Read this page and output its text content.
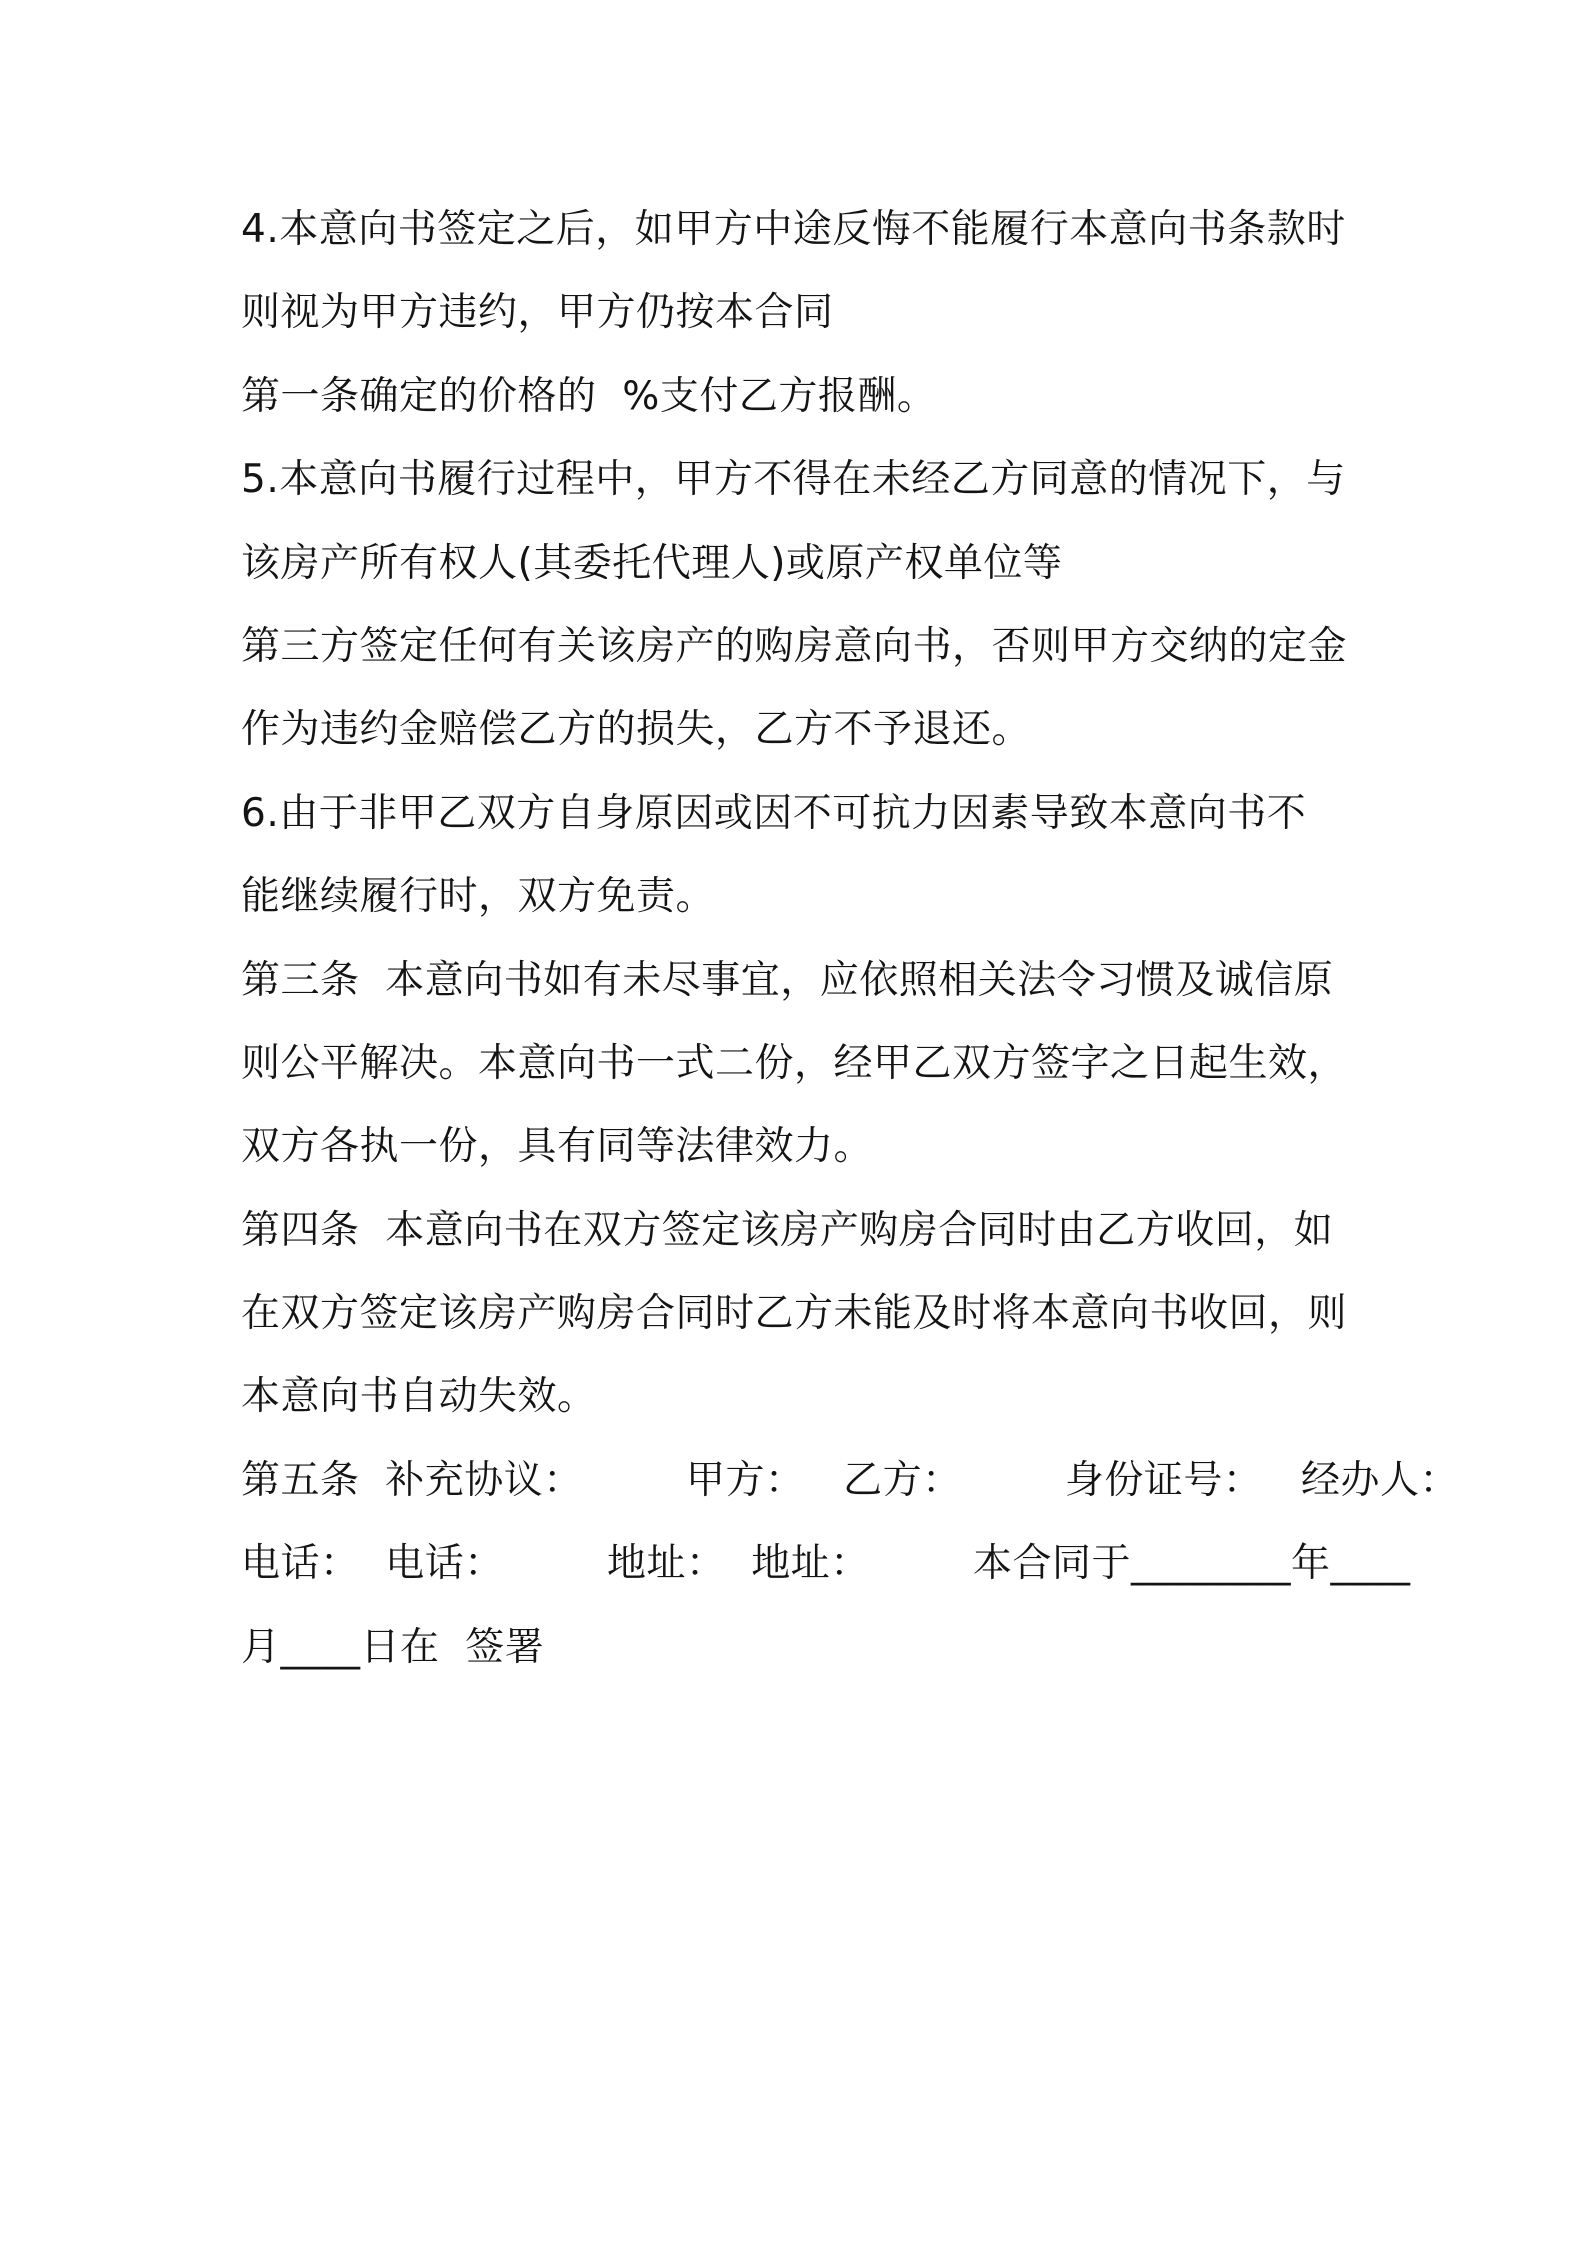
4.本意向书签定之后，如甲方中途反悔不能履行本意向书条款时
则视为甲方违约，甲方仍按本合同
第一条确定的价格的  %支付乙方报酬。
5.本意向书履行过程中，甲方不得在未经乙方同意的情况下，与
该房产所有权人(其委托代理人)或原产权单位等
第三方签定任何有关该房产的购房意向书，否则甲方交纳的定金
作为违约金赔偿乙方的损失，乙方不予退还。
6.由于非甲乙双方自身原因或因不可抗力因素导致本意向书不
能继续履行时，双方免责。
第三条  本意向书如有未尽事宜，应依照相关法令习惯及诚信原
则公平解决。本意向书一式二份，经甲乙双方签字之日起生效，
双方各执一份，具有同等法律效力。
第四条  本意向书在双方签定该房产购房合同时由乙方收回，如
在双方签定该房产购房合同时乙方未能及时将本意向书收回，则
本意向书自动失效。
第五条  补充协议：        甲方：   乙方：        身份证号：   经办人：
电话：  电话：        地址：  地址：        本合同于________年____
月____日在  签署
